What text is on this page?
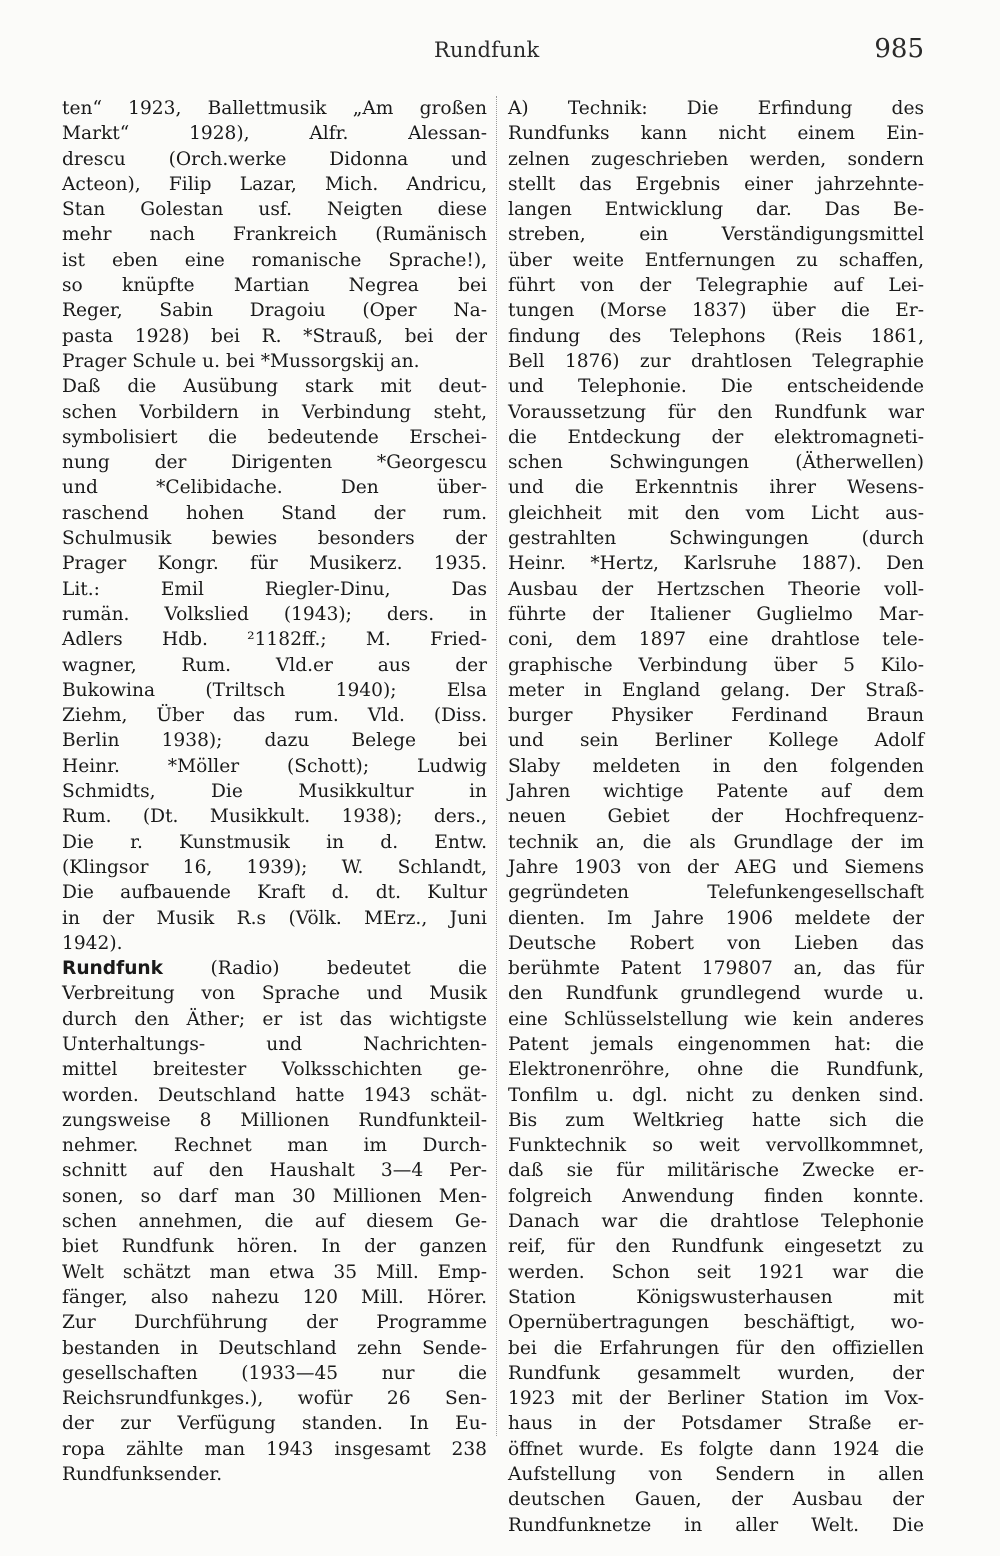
Rundfunk	985
ten“ 1923, Ballettmusik „Am großen
Markt“ 1928), Alfr. Alessan-
drescu (Orch.werke Didonna und
Acteon), Filip Lazar, Mich. Andricu,
Stan Golestan usf. Neigten diese
mehr nach Frankreich (Rumänisch
ist eben eine romanische Sprache!),
so knüpfte Martian Negrea bei
Reger, Sabin Dragoiu (Oper Na-
pasta 1928) bei R. *Strauß, bei der
Prager Schule u. bei *Mussorgskij an.
Daß die Ausübung stark mit deut-
schen Vorbildern in Verbindung steht,
symbolisiert die bedeutende Erschei-
nung der Dirigenten *Georgescu
und *Celibidache. Den über-
raschend hohen Stand der rum.
Schulmusik bewies besonders der
Prager Kongr. für Musikerz. 1935.
Lit.: Emil Riegler-Dinu, Das
rumän. Volkslied (1943); ders. in
Adlers Hdb. ²1182ff.; M. Fried-
wagner, Rum. Vld.er aus der
Bukowina (Triltsch 1940); Elsa
Ziehm, Über das rum. Vld. (Diss.
Berlin 1938); dazu Belege bei
Heinr. *Möller (Schott); Ludwig
Schmidts, Die Musikkultur in
Rum. (Dt. Musikkult. 1938); ders.,
Die r. Kunstmusik in d. Entw.
(Klingsor 16, 1939); W. Schlandt,
Die aufbauende Kraft d. dt. Kultur
in der Musik R.s (Völk. MErz., Juni
1942).
Rundfunk (Radio) bedeutet die
Verbreitung von Sprache und Musik
durch den Äther; er ist das wichtigste
Unterhaltungs- und Nachrichten-
mittel breitester Volksschichten ge-
worden. Deutschland hatte 1943 schät-
zungsweise 8 Millionen Rundfunkteil-
nehmer. Rechnet man im Durch-
schnitt auf den Haushalt 3—4 Per-
sonen, so darf man 30 Millionen Men-
schen annehmen, die auf diesem Ge-
biet Rundfunk hören. In der ganzen
Welt schätzt man etwa 35 Mill. Emp-
fänger, also nahezu 120 Mill. Hörer.
Zur Durchführung der Programme
bestanden in Deutschland zehn Sende-
gesellschaften (1933—45 nur die
Reichsrundfunkges.), wofür 26 Sen-
der zur Verfügung standen. In Eu-
ropa zählte man 1943 insgesamt 238
Rundfunksender.
A) Technik: Die Erfindung des
Rundfunks kann nicht einem Ein-
zelnen zugeschrieben werden, sondern
stellt das Ergebnis einer jahrzehnte-
langen Entwicklung dar. Das Be-
streben, ein Verständigungsmittel
über weite Entfernungen zu schaffen,
führt von der Telegraphie auf Lei-
tungen (Morse 1837) über die Er-
findung des Telephons (Reis 1861,
Bell 1876) zur drahtlosen Telegraphie
und Telephonie. Die entscheidende
Voraussetzung für den Rundfunk war
die Entdeckung der elektromagneti-
schen Schwingungen (Ätherwellen)
und die Erkenntnis ihrer Wesens-
gleichheit mit den vom Licht aus-
gestrahlten Schwingungen (durch
Heinr. *Hertz, Karlsruhe 1887). Den
Ausbau der Hertzschen Theorie voll-
führte der Italiener Guglielmo Mar-
coni, dem 1897 eine drahtlose tele-
graphische Verbindung über 5 Kilo-
meter in England gelang. Der Straß-
burger Physiker Ferdinand Braun
und sein Berliner Kollege Adolf
Slaby meldeten in den folgenden
Jahren wichtige Patente auf dem
neuen Gebiet der Hochfrequenz-
technik an, die als Grundlage der im
Jahre 1903 von der AEG und Siemens
gegründeten Telefunkengesellschaft
dienten. Im Jahre 1906 meldete der
Deutsche Robert von Lieben das
berühmte Patent 179807 an, das für
den Rundfunk grundlegend wurde u.
eine Schlüsselstellung wie kein anderes
Patent jemals eingenommen hat: die
Elektronenröhre, ohne die Rundfunk,
Tonfilm u. dgl. nicht zu denken sind.
Bis zum Weltkrieg hatte sich die
Funktechnik so weit vervollkommnet,
daß sie für militärische Zwecke er-
folgreich Anwendung finden konnte.
Danach war die drahtlose Telephonie
reif, für den Rundfunk eingesetzt zu
werden. Schon seit 1921 war die
Station Königswusterhausen mit
Opernübertragungen beschäftigt, wo-
bei die Erfahrungen für den offiziellen
Rundfunk gesammelt wurden, der
1923 mit der Berliner Station im Vox-
haus in der Potsdamer Straße er-
öffnet wurde. Es folgte dann 1924 die
Aufstellung von Sendern in allen
deutschen Gauen, der Ausbau der
Rundfunknetze in aller Welt. Die
